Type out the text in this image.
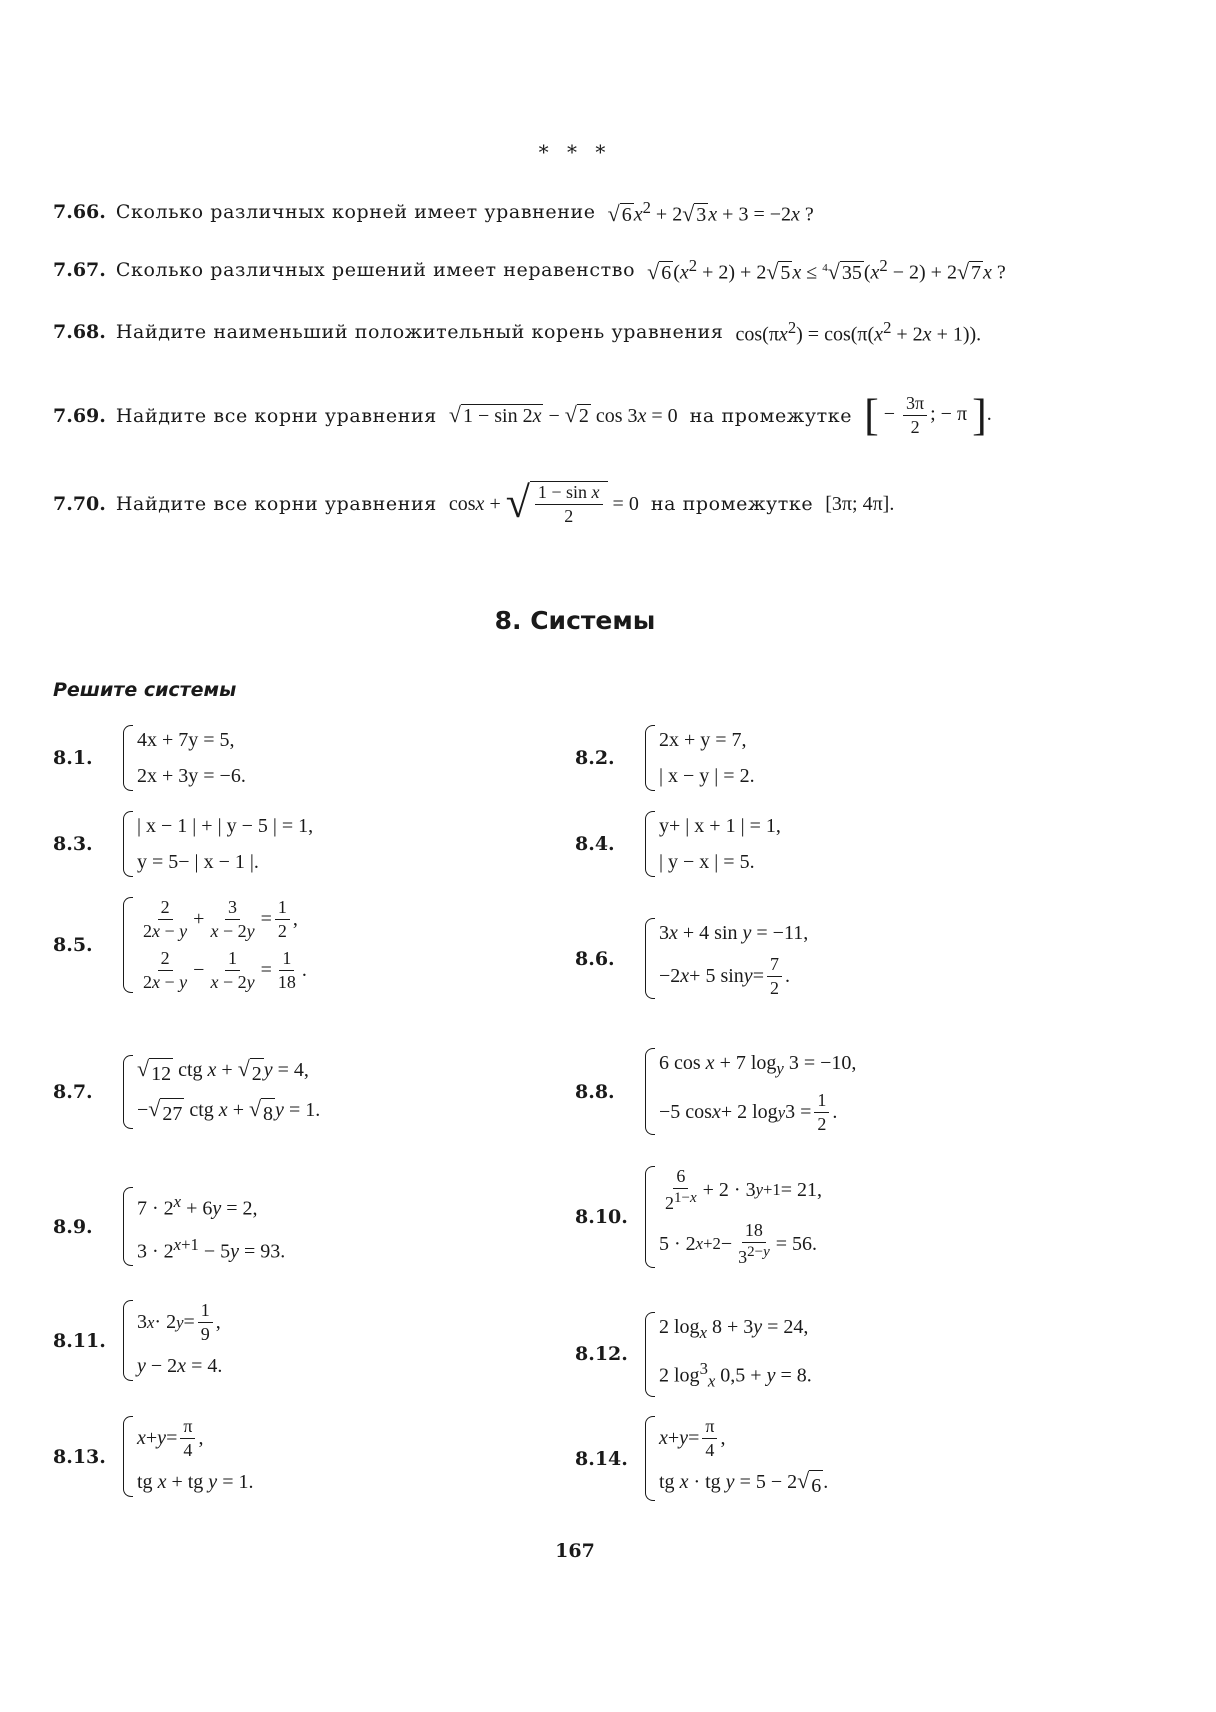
* * *
7.66. Сколько различных корней имеет уравнение √ 6 $x^2 + 2$ √ 3 x + 3 = −2x ?
7.67. Сколько различных решений имеет неравенство √ 6 $(x^2 + 2) + 2$ √ 5 x ≤ $^4$ √ 35 $(x^2 - 2) + 2$ √ 7 x ?
7.68. Найдите наименьший положительный корень уравнения $\cos(\pi x^2) = \cos(\pi(x^2 + 2x + 1))$.
7.69. Найдите все корни уравнения √ 1 − sin 2x − √ 2 cos 3x = 0 на промежутке [ − $\frac{3\pi}{2}$ ; − π ].
7.70. Найдите все корни уравнения cos x + √ $\frac{\text{1 − sin x}}{2} = 0$ на промежутке [3π; 4π].
8. Системы
Решите системы
8.1.
4x + 7y = 5,
2x + 3y = −6.
8.2.
2x + y = 7,
| x − y | = 2.
8.3.
| x − 1 | + | y − 5 | = 1,
y = 5− | x − 1 |.
8.4.
y+ | x + 1 | = 1,
| y − x | = 5.
8.5.
$\frac{2}{2x - y} + \frac{3}{x - 2y} = \frac{1}{2}$ ,
$\frac{2}{2x - y} - \frac{1}{x - 2y} = \frac{1}{18}$ .
8.6.
3x + 4 sin y = −11,
−2 x + 5 $\sin y = \frac{7}{2}$ .
8.7.
√ 12 ctg x + √ 2 y = 4,
− √ 27 ctg x + √ 8 y = 1.
8.8.
6 cos x + 7 $\log_y 3 = -10$,
−5 cos x + 2 log y $3 = \frac{1}{2}$ .
8.9.
$7 \cdot 2^x + 6y = 2$,
$3 \cdot 2^{x+1} - 5y = 93$.
8.10.
$\frac{6}{2^{1-x}} + 2 \cdot 3$ y+1 = 21,
5 · 2 $x+2 - \frac{18}{3^{2-y}} = 56$.
8.11.
3 x · 2 $y = \frac{1}{9}$ ,
y − 2x = 4.
8.12.
2 $\log_x 8 + 3y = 24$,
2 $\log^3_x 0,5 + y = 8$.
8.13.
$x + y = \frac{\pi}{4}$ ,
tg x + tg y = 1.
8.14.
$x + y = \frac{\pi}{4}$ ,
tg x · tg y = 5 − 2 √ 6 .
167
